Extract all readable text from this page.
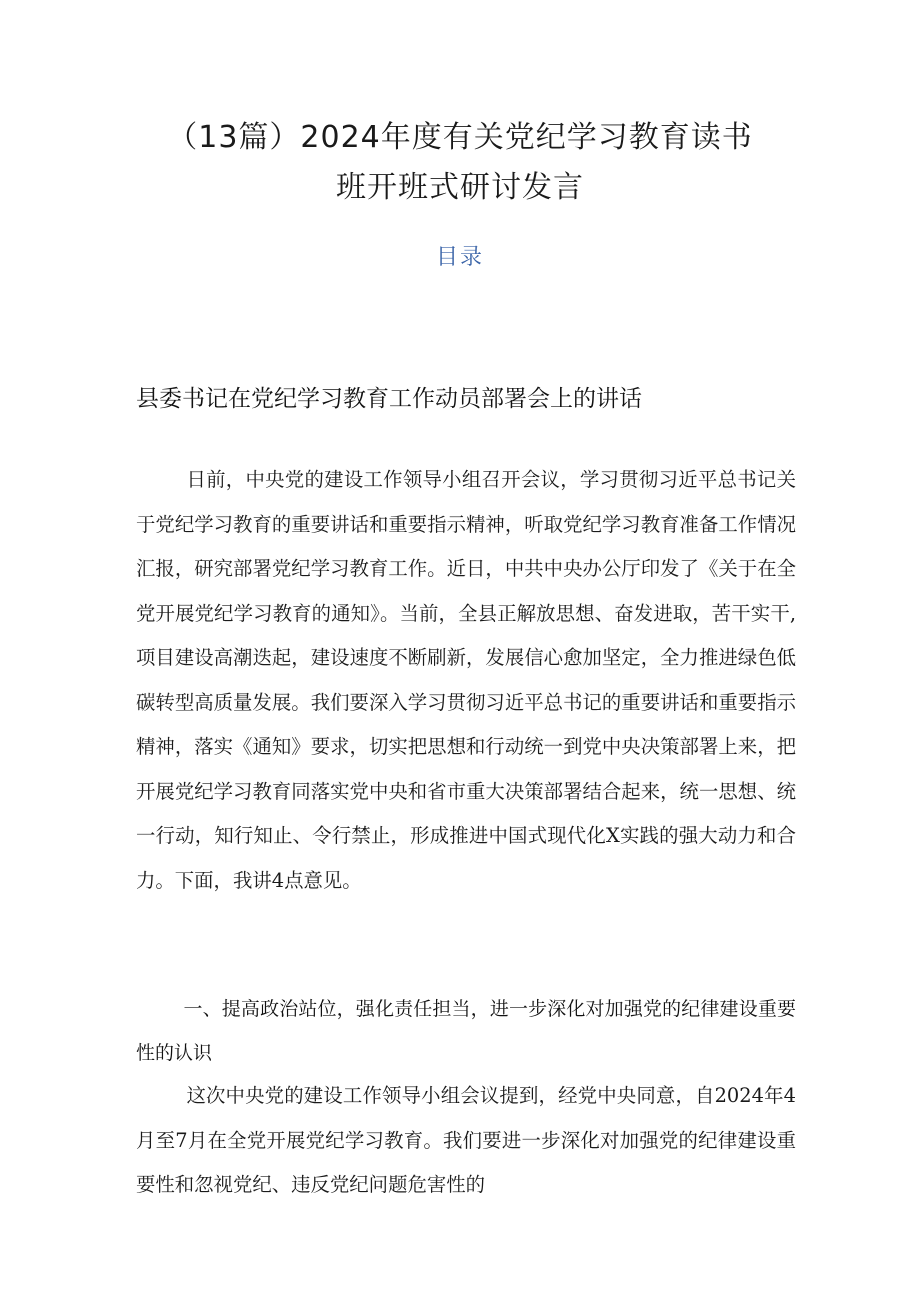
（13篇）2024年度有关党纪学习教育读书
班开班式研讨发言
目录
县委书记在党纪学习教育工作动员部署会上的讲话

日前，中央党的建设工作领导小组召开会议，学习贯彻习近平总书记关于党纪学习教育的重要讲话和重要指示精神，听取党纪学习教育准备工作情况汇报，研究部署党纪学习教育工作。近日，中共中央办公厅印发了《关于在全党开展党纪学习教育的通知》。当前，全县正解放思想、奋发进取，苦干实干,项目建设高潮迭起，建设速度不断刷新，发展信心愈加坚定，全力推进绿色低碳转型高质量发展。我们要深入学习贯彻习近平总书记的重要讲话和重要指示精神，落实《通知》要求，切实把思想和行动统一到党中央决策部署上来，把开展党纪学习教育同落实党中央和省市重大决策部署结合起来，统一思想、统一行动，知行知止、令行禁止，形成推进中国式现代化X实践的强大动力和合力。下面，我讲4点意见。

一、提高政治站位，强化责任担当，进一步深化对加强党的纪律建设重要性的认识

这次中央党的建设工作领导小组会议提到，经党中央同意，自2024年4月至7月在全党开展党纪学习教育。我们要进一步深化对加强党的纪律建设重要性和忽视党纪、违反党纪问题危害性的
